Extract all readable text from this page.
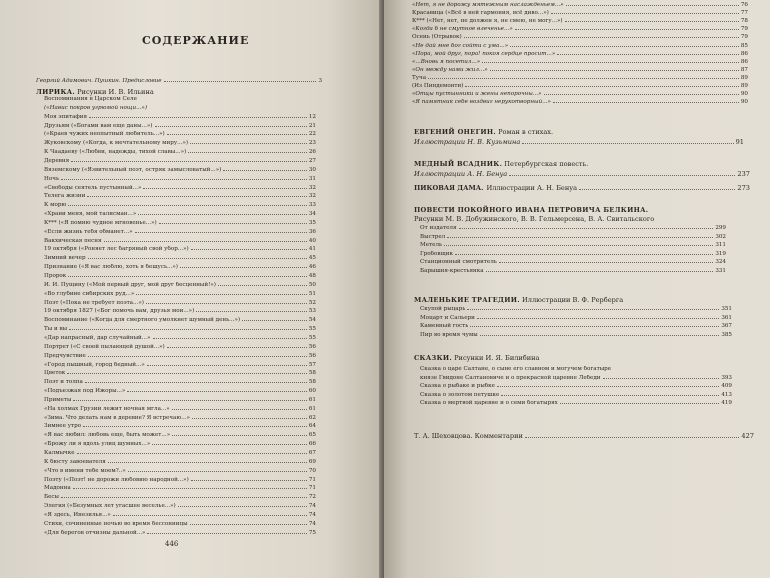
СОДЕРЖАНИЕ
Георгий Адамович. Пушкин. Предисловие	3
ЛИРИКА. Рисунки И. В. Ильина
Воспоминания в Царском Селе
(«Навис покров угрюмой нощи...»)
Моя эпитафия	12
Друзьям («Богами вам еще даны...»)	21
(«Краев чужих неопытный любитель...»)	22
Жуковскому («Когда, к мечтательному миру...»)	23
К Чаадаеву («Любви, надежды, тихой славы...»)	26
Деревня	27
Вяземскому («Язвительный поэт, остряк замысловатый...»)	30
Ночь	31
«Свободы сеятель пустынный...»	32
Телега жизни	32
К морю	33
«Храни меня, мой талисман...»	34
К*** («Я помню чудное мгновенье...»)	35
«Если жизнь тебя обманет...»	36
Вакхическая песня	40
19 октября («Роняет лес багряный свой убор...»)	41
Зимний вечер	45
Признание («Я вас люблю, хоть я бешусь...»)	46
Пророк	48
И. И. Пущину («Мой первый друг, мой друг бесценный!»)	50
«Во глубине сибирских руд...»	51
Поэт («Пока не требует поэта...»)	52
19 октября 1827 («Бог помочь вам, друзья мои...»)	53
Воспоминание («Когда для смертного умолкнет шумный день...»)	54
Ты и вы	55
«Дар напрасный, дар случайный...»	55
Портрет («С своей пылающей душой...»)	56
Предчувствие	56
«Город пышный, город бедный...»	57
Цветок	58
Поэт и толпа	58
«Подъезжая под Ижоры...»	60
Приметы	61
«На холмах Грузии лежит ночная мгла...»	61
«Зима. Что делать нам в деревне? Я встречаю...»	62
Зимнее утро	64
«Я вас любил: любовь еще, быть может...»	65
«Брожу ли я вдоль улиц шумных...»	66
Калмычке	67
К бюсту завоевателя	69
«Что в имени тебе моем?..»	70
Поэту («Поэт! не дорожи любовию народной...»)	71
Мадонна	71
Бесы	72
Элегия («Безумных лет угасшее веселье...»)	74
«Я здесь, Инезилья...»	74
Стихи, сочиненные ночью во время бессонницы	74
«Для берегов отчизны дальной...»	75
446
«Нет, я не дорожу мятежным наслажденьем...»	76
Красавица («Всё в ней гармония, всё диво...»)	77
К*** («Нет, нет, не должен я, не смею, не могу...»)	78
«Когда б не смутное влеченье...»	79
Осень (Отрывок)	79
«Не дай мне бог сойти с ума...»	85
«Пора, мой друг, пора! покоя сердце просит...»	86
«...Вновь я посетил...»	86
«Он между нами жил...»	87
Туча	89
(Из Пиндемонти)	89
«Отцы пустынники и жены непорочны...»	90
«Я памятник себе воздвиг нерукотворный...»	90
ЕВГЕНИЙ ОНЕГИН. Роман в стихах.
Иллюстрации Н. В. Кузьмина	91
МЕДНЫЙ ВСАДНИК. Петербургская повесть.
Иллюстрации А. Н. Бенуа	237
ПИКОВАЯ ДАМА. Иллюстрации А. Н. Бенуа	273
ПОВЕСТИ ПОКОЙНОГО ИВАНА ПЕТРОВИЧА БЕЛКИНА.
Рисунки М. В. Добужинского, В. В. Гельмерсена, В. А. Свитальского
От издателя	299
Выстрел	302
Метель	311
Гробовщик	319
Станционный смотритель	324
Барышня-крестьянка	331
МАЛЕНЬКИЕ ТРАГЕДИИ. Иллюстрации В. Ф. Рерберга
Скупой рыцарь	351
Моцарт и Сальери	361
Каменный гость	367
Пир во время чумы	385
СКАЗКИ. Рисунки И. Я. Билибина
Сказка о царе Салтане, о сыне его славном и могучем богатыре
князе Гвидоне Салтановиче и о прекрасной царевне Лебеди	393
Сказка о рыбаке и рыбке	409
Сказка о золотом петушке	413
Сказка о мертвой царевне и о семи богатырях	419
Т. А. Шеховцова. Комментарии	427
